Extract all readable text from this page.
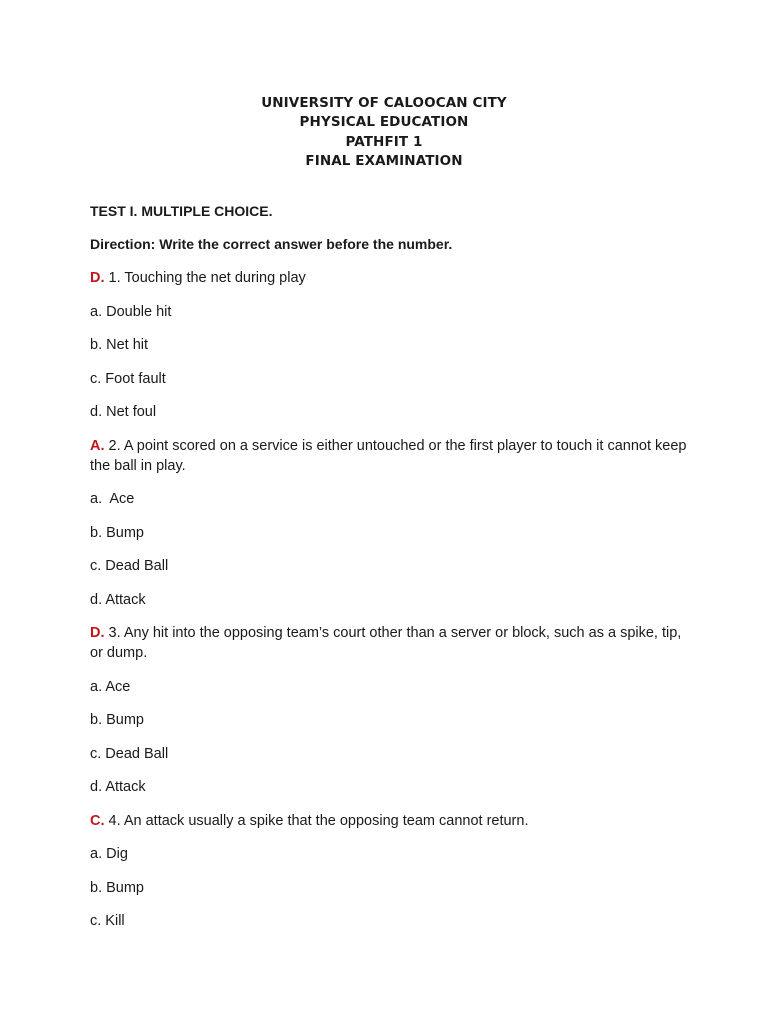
UNIVERSITY OF CALOOCAN CITY
PHYSICAL EDUCATION
PATHFIT 1
FINAL EXAMINATION
TEST I. MULTIPLE CHOICE.
Direction: Write the correct answer before the number.
D. 1. Touching the net during play
a. Double hit
b. Net hit
c. Foot fault
d. Net foul
A. 2. A point scored on a service is either untouched or the first player to touch it cannot keep the ball in play.
a.  Ace
b. Bump
c. Dead Ball
d. Attack
D. 3. Any hit into the opposing team’s court other than a server or block, such as a spike, tip, or dump.
a. Ace
b. Bump
c. Dead Ball
d. Attack
C. 4. An attack usually a spike that the opposing team cannot return.
a. Dig
b. Bump
c. Kill
